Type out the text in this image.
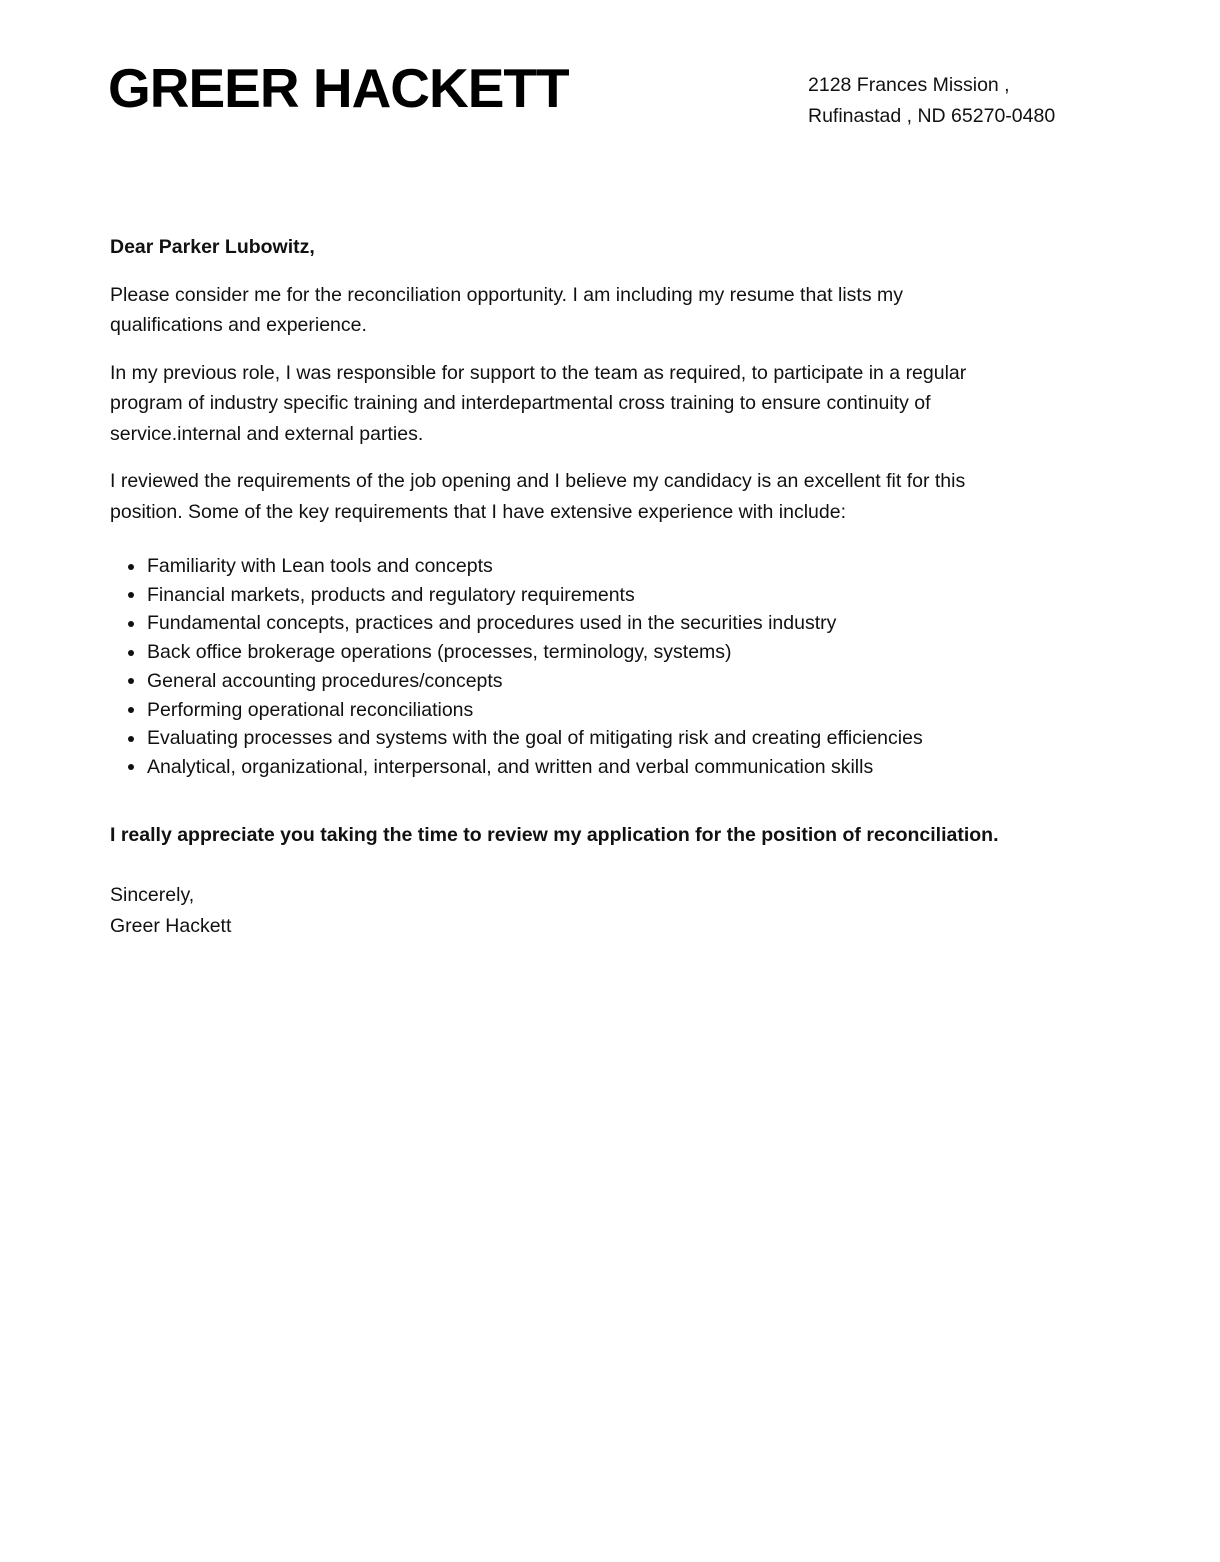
GREER HACKETT	2128 Frances Mission ,
Rufinastad , ND 65270-0480

Dear Parker Lubowitz,

Please consider me for the reconciliation opportunity. I am including my resume that lists my qualifications and experience.

In my previous role, I was responsible for support to the team as required, to participate in a regular program of industry specific training and interdepartmental cross training to ensure continuity of service.internal and external parties.

I reviewed the requirements of the job opening and I believe my candidacy is an excellent fit for this position. Some of the key requirements that I have extensive experience with include:

Familiarity with Lean tools and concepts
Financial markets, products and regulatory requirements
Fundamental concepts, practices and procedures used in the securities industry
Back office brokerage operations (processes, terminology, systems)
General accounting procedures/concepts
Performing operational reconciliations
Evaluating processes and systems with the goal of mitigating risk and creating efficiencies
Analytical, organizational, interpersonal, and written and verbal communication skills

I really appreciate you taking the time to review my application for the position of reconciliation.

Sincerely,
Greer Hackett
